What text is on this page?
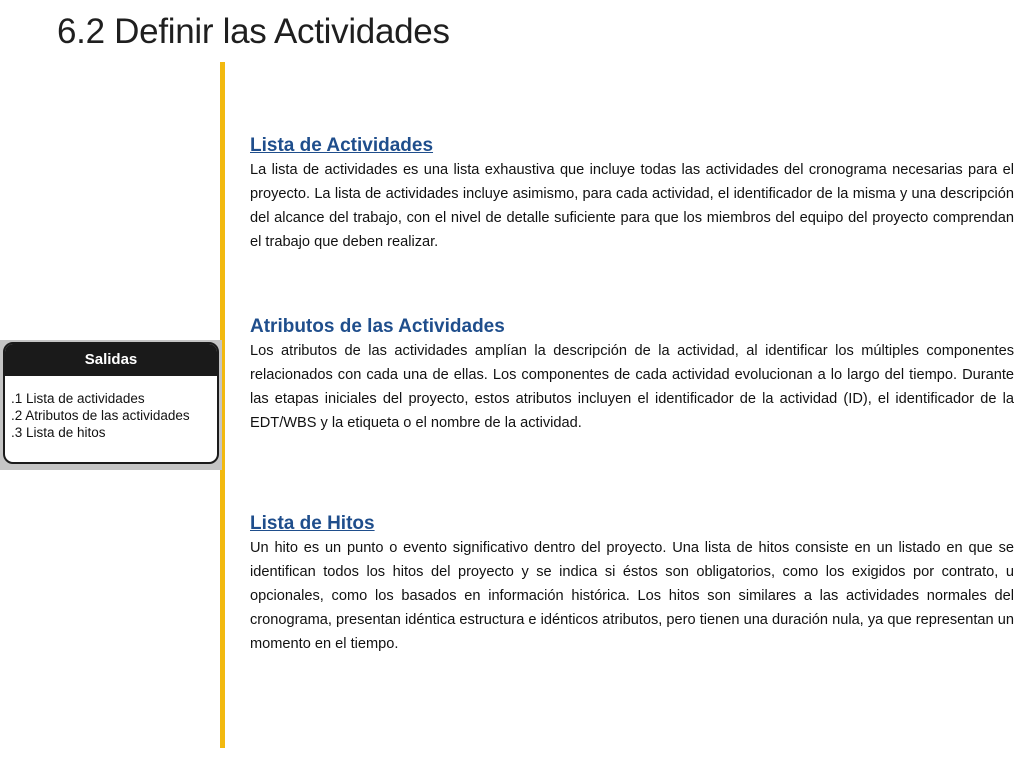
6.2 Definir las Actividades
Salidas
.1 Lista de actividades
.2 Atributos de las actividades
.3 Lista de hitos
Lista de Actividades

La lista de actividades es una lista exhaustiva que incluye todas las actividades del cronograma necesarias para el proyecto. La lista de actividades incluye asimismo, para cada actividad, el identificador de la misma y una descripción del alcance del trabajo, con el nivel de detalle suficiente para que los miembros del equipo del proyecto comprendan el trabajo que deben realizar.

Atributos de las Actividades

Los atributos de las actividades amplían la descripción de la actividad, al identificar los múltiples componentes relacionados con cada una de ellas. Los componentes de cada actividad evolucionan a lo largo del tiempo. Durante las etapas iniciales del proyecto, estos atributos incluyen el identificador de la actividad (ID), el identificador de la EDT/WBS y la etiqueta o el nombre de la actividad.

Lista de Hitos

Un hito es un punto o evento significativo dentro del proyecto. Una lista de hitos consiste en un listado en que se identifican todos los hitos del proyecto y se indica si éstos son obligatorios, como los exigidos por contrato, u opcionales, como los basados en información histórica. Los hitos son similares a las actividades normales del cronograma, presentan idéntica estructura e idénticos atributos, pero tienen una duración nula, ya que representan un momento en el tiempo.
